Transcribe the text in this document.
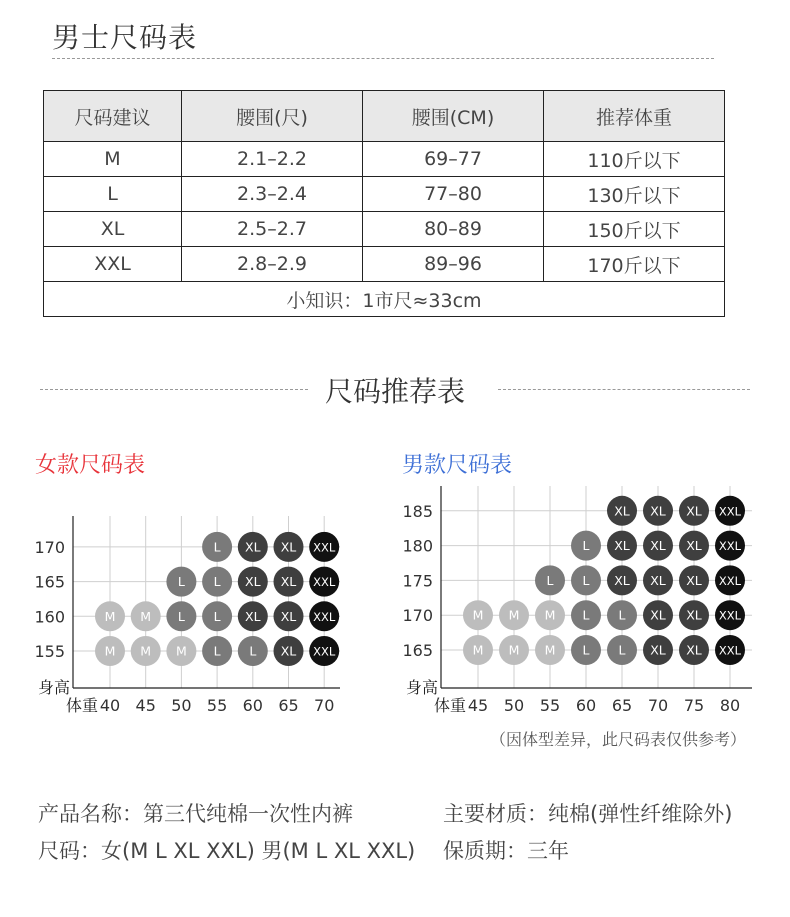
男士尺码表
尺码建议	腰围(尺)	腰围(CM)	推荐体重
M	2.1–2.2	69–77	110斤以下
L	2.3–2.4	77–80	130斤以下
XL	2.5–2.7	80–89	150斤以下
XXL	2.8–2.9	89–96	170斤以下
小知识：1市尺≈33cm			
尺码推荐表
女款尺码表	男款尺码表
155
160
165
170
40 45 50 55 60 65 70
身高
体重
L XL XL XXL
L L XL XL XXL
M M L L XL XL XXL
M M M L L XL XXL	165
170
175
180
185
45 50 55 60 65 70 75 80
身高
体重
XL XL XL XXL
L XL XL XL XXL
L L XL XL XL XXL
M M M L L XL XL XXL
M M M L L XL XL XXL
（因体型差异，此尺码表仅供参考）
产品名称：第三代纯棉一次性内裤	主要材质：纯棉(弹性纤维除外)
尺码：女(M L XL XXL) 男(M L XL XXL) 保质期：三年
